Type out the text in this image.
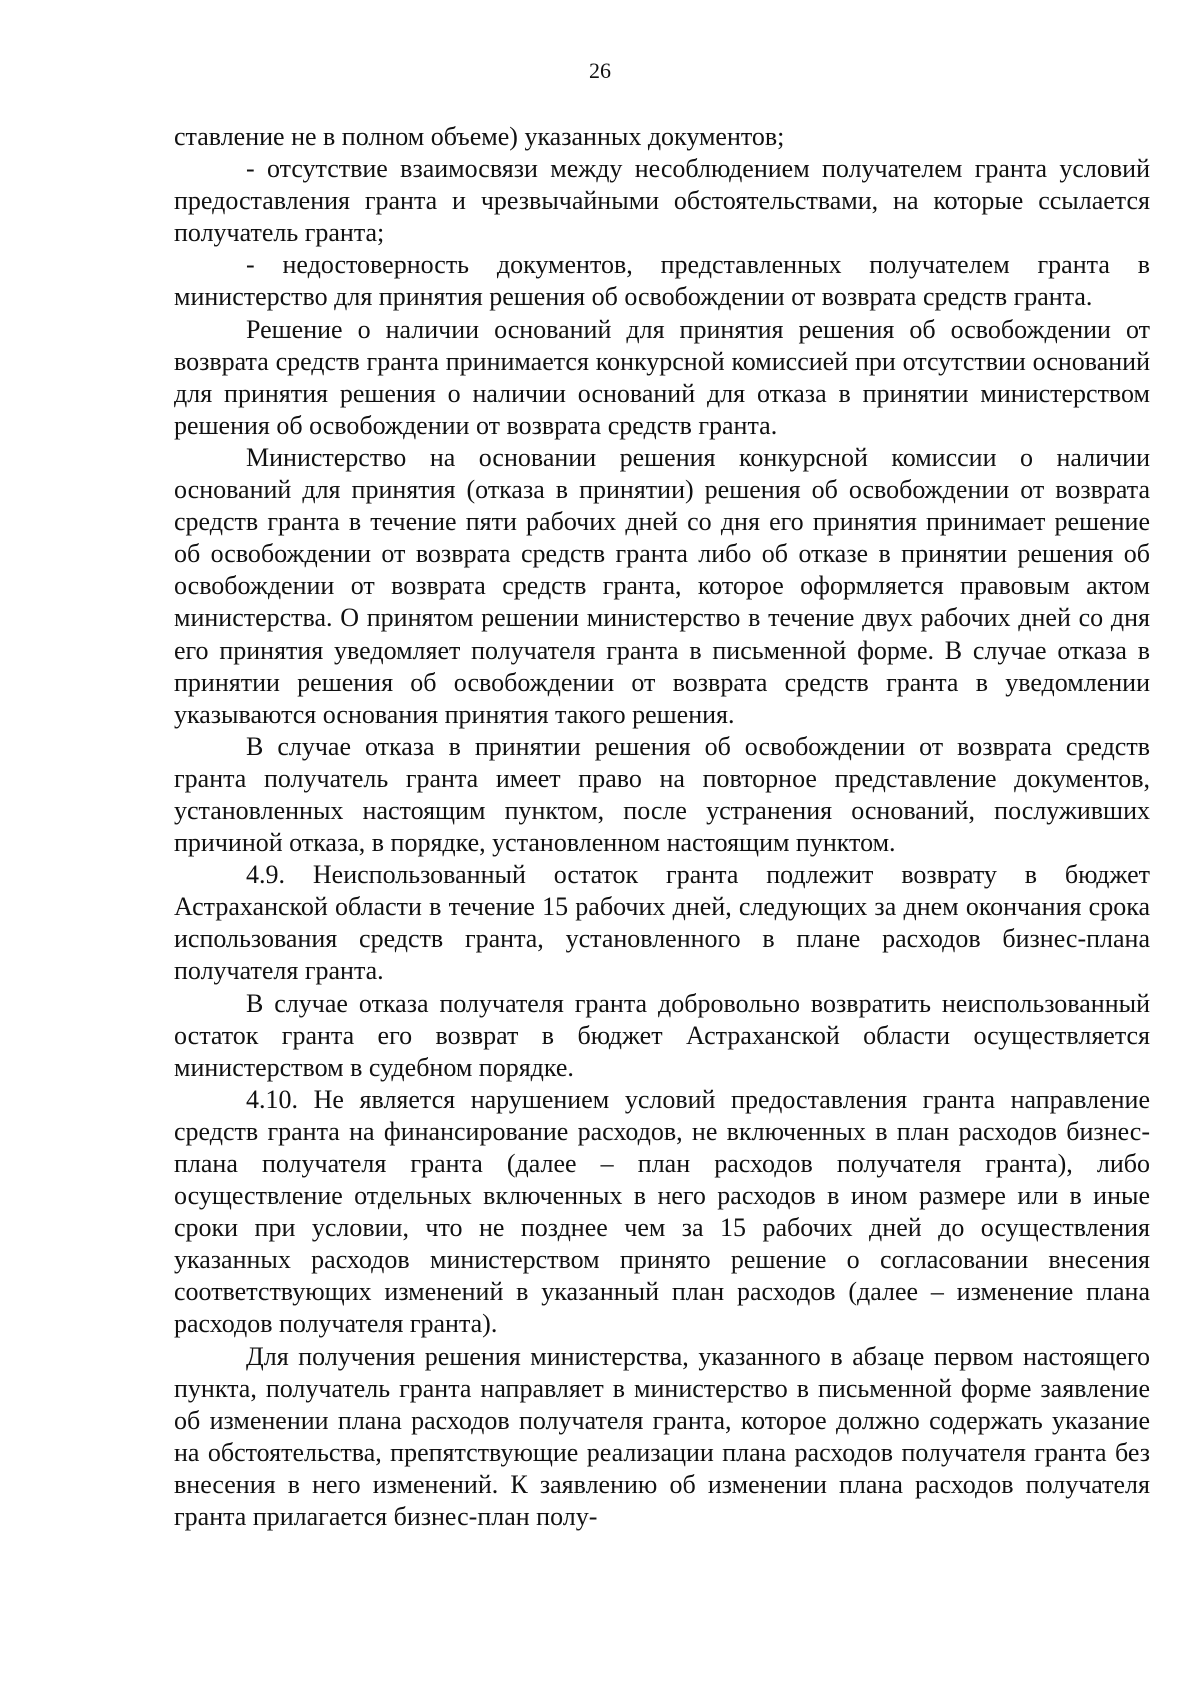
26

ставление не в полном объеме) указанных документов;

- отсутствие взаимосвязи между несоблюдением получателем гранта условий предоставления гранта и чрезвычайными обстоятельствами, на которые ссылается получатель гранта;

- недостоверность документов, представленных получателем гранта в министерство для принятия решения об освобождении от возврата средств гранта.

Решение о наличии оснований для принятия решения об освобождении от возврата средств гранта принимается конкурсной комиссией при отсутствии оснований для принятия решения о наличии оснований для отказа в принятии министерством решения об освобождении от возврата средств гранта.

Министерство на основании решения конкурсной комиссии о наличии оснований для принятия (отказа в принятии) решения об освобождении от возврата средств гранта в течение пяти рабочих дней со дня его принятия принимает решение об освобождении от возврата средств гранта либо об отказе в принятии решения об освобождении от возврата средств гранта, которое оформляется правовым актом министерства. О принятом решении министерство в течение двух рабочих дней со дня его принятия уведомляет получателя гранта в письменной форме. В случае отказа в принятии решения об освобождении от возврата средств гранта в уведомлении указываются основания принятия такого решения.

В случае отказа в принятии решения об освобождении от возврата средств гранта получатель гранта имеет право на повторное представление документов, установленных настоящим пунктом, после устранения оснований, послуживших причиной отказа, в порядке, установленном настоящим пунктом.

4.9. Неиспользованный остаток гранта подлежит возврату в бюджет Астраханской области в течение 15 рабочих дней, следующих за днем окончания срока использования средств гранта, установленного в плане расходов бизнес-плана получателя гранта.

В случае отказа получателя гранта добровольно возвратить неиспользованный остаток гранта его возврат в бюджет Астраханской области осуществляется министерством в судебном порядке.

4.10. Не является нарушением условий предоставления гранта направление средств гранта на финансирование расходов, не включенных в план расходов бизнес-плана получателя гранта (далее – план расходов получателя гранта), либо осуществление отдельных включенных в него расходов в ином размере или в иные сроки при условии, что не позднее чем за 15 рабочих дней до осуществления указанных расходов министерством принято решение о согласовании внесения соответствующих изменений в указанный план расходов (далее – изменение плана расходов получателя гранта).

Для получения решения министерства, указанного в абзаце первом настоящего пункта, получатель гранта направляет в министерство в письменной форме заявление об изменении плана расходов получателя гранта, которое должно содержать указание на обстоятельства, препятствующие реализации плана расходов получателя гранта без внесения в него изменений. К заявлению об изменении плана расходов получателя гранта прилагается бизнес-план полу-
